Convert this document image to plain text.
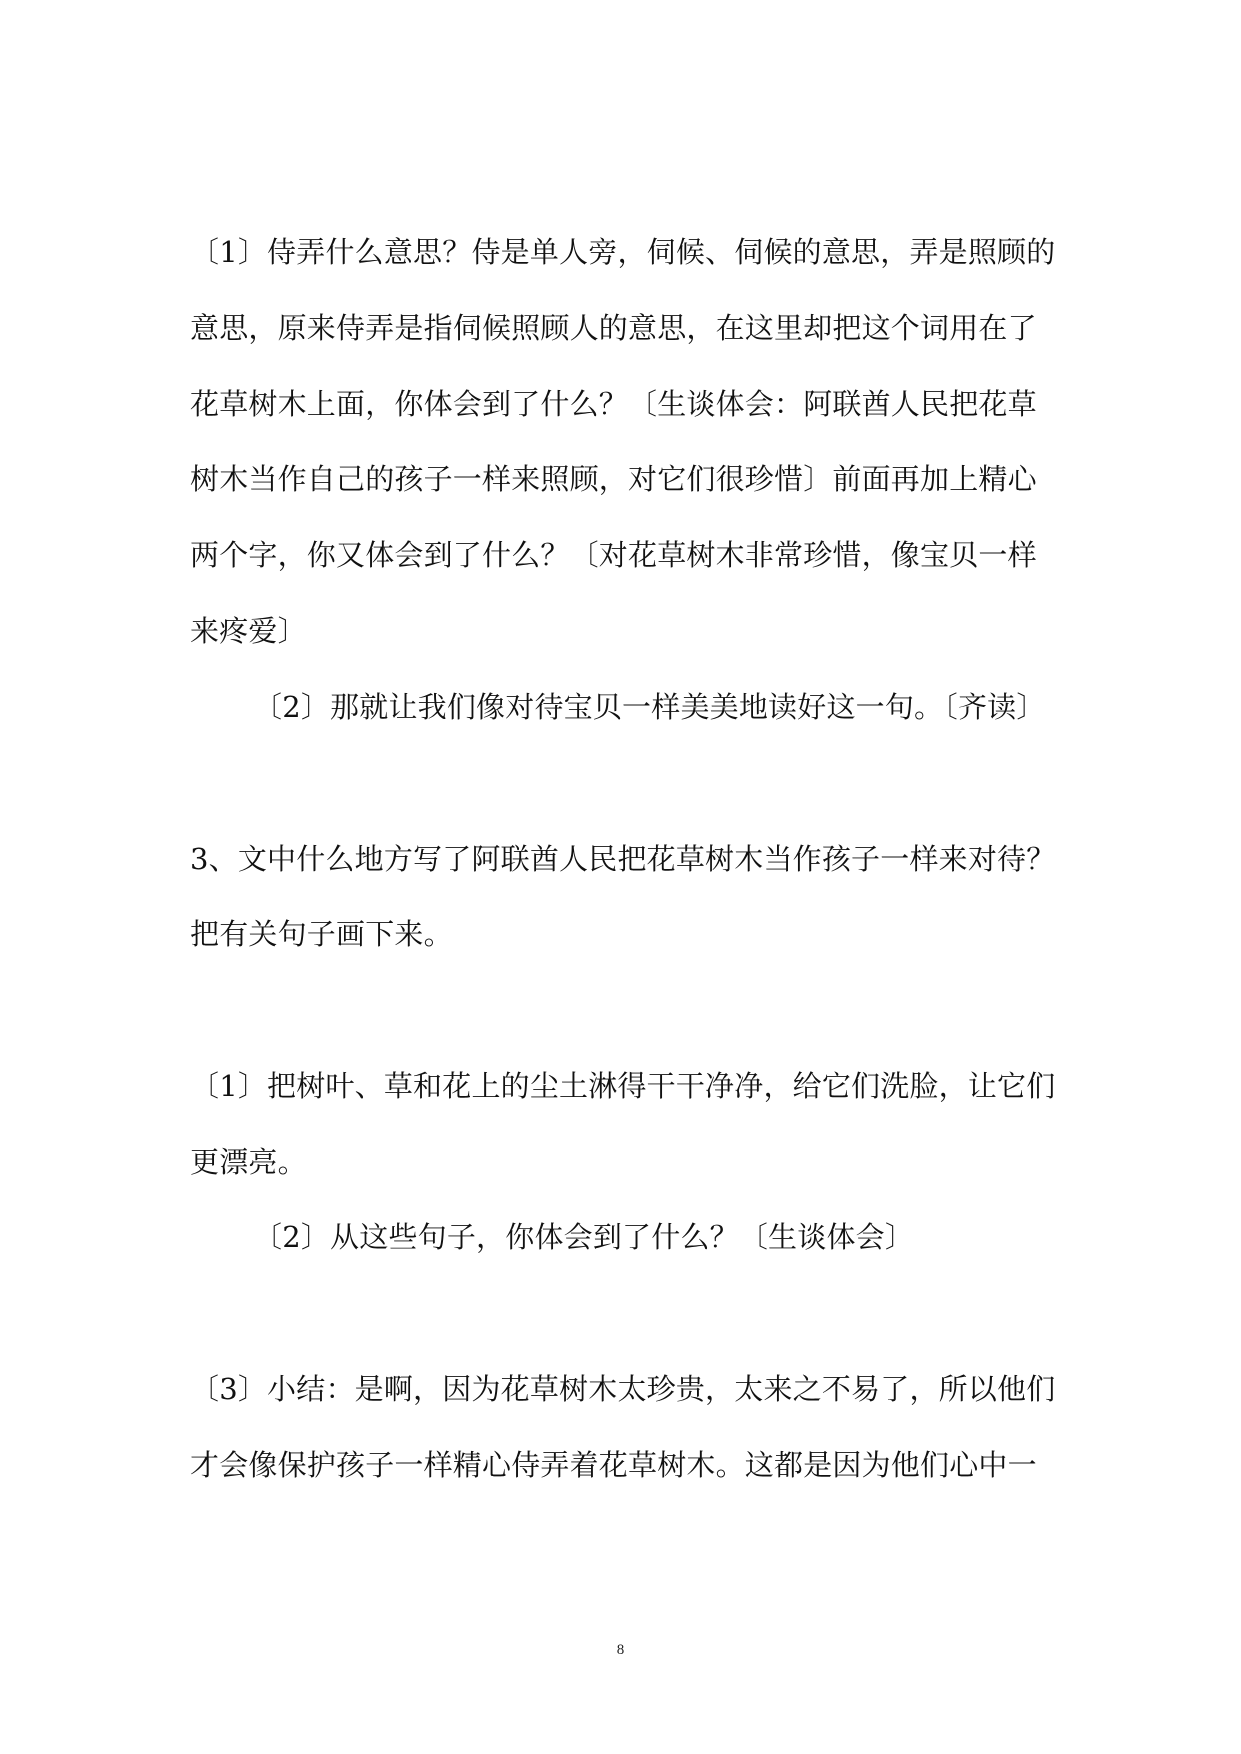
〔1〕侍弄什么意思？侍是单人旁，伺候、伺候的意思，弄是照顾的
意思，原来侍弄是指伺候照顾人的意思，在这里却把这个词用在了
花草树木上面，你体会到了什么？〔生谈体会：阿联酋人民把花草
树木当作自己的孩子一样来照顾，对它们很珍惜〕前面再加上精心
两个字，你又体会到了什么？〔对花草树木非常珍惜，像宝贝一样
来疼爱〕
〔2〕那就让我们像对待宝贝一样美美地读好这一句。〔齐读〕
3、文中什么地方写了阿联酋人民把花草树木当作孩子一样来对待？
把有关句子画下来。
〔1〕把树叶、草和花上的尘土淋得干干净净，给它们洗脸，让它们
更漂亮。
〔2〕从这些句子，你体会到了什么？〔生谈体会〕
〔3〕小结：是啊，因为花草树木太珍贵，太来之不易了，所以他们
才会像保护孩子一样精心侍弄着花草树木。这都是因为他们心中一
8
